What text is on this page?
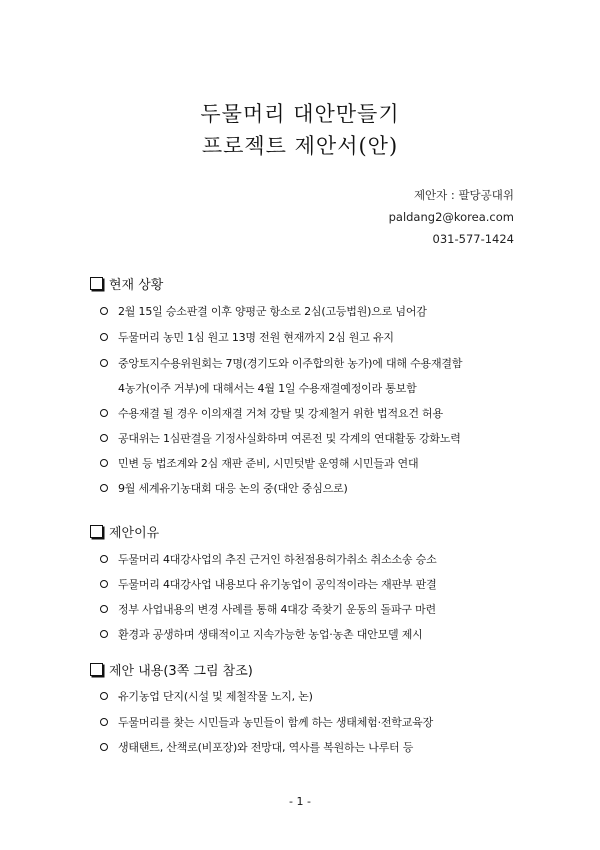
두물머리 대안만들기
프로젝트 제안서(안)
제안자 : 팔당공대위
paldang2@korea.com
031-577-1424
현재 상황
2월 15일 승소판결 이후 양평군 항소로 2심(고등법원)으로 넘어감
두물머리 농민 1심 원고 13명 전원 현재까지 2심 원고 유지
중앙토지수용위원회는 7명(경기도와 이주합의한 농가)에 대해 수용재결함
4농가(이주 거부)에 대해서는 4월 1일 수용재결예정이라 통보함
수용재결 될 경우 이의재결 거쳐 강탈 및 강제철거 위한 법적요건 허용
공대위는 1심판결을 기정사실화하며 여론전 및 각계의 연대활동 강화노력
민변 등 법조계와 2심 재판 준비, 시민텃밭 운영해 시민들과 연대
9월 세계유기농대회 대응 논의 중(대안 중심으로)
제안이유
두물머리 4대강사업의 추진 근거인 하천점용허가취소 취소소송 승소
두물머리 4대강사업 내용보다 유기농업이 공익적이라는 재판부 판결
정부 사업내용의 변경 사례를 통해 4대강 죽찾기 운동의 돌파구 마련
환경과 공생하며 생태적이고 지속가능한 농업·농촌 대안모델 제시
제안 내용(3쪽 그림 참조)
유기농업 단지(시설 및 제철작물 노지, 논)
두물머리를 찾는 시민들과 농민들이 함께 하는 생태체험·전학교육장
생태탠트, 산책로(비포장)와 전망대, 역사를 복원하는 나루터 등
- 1 -
